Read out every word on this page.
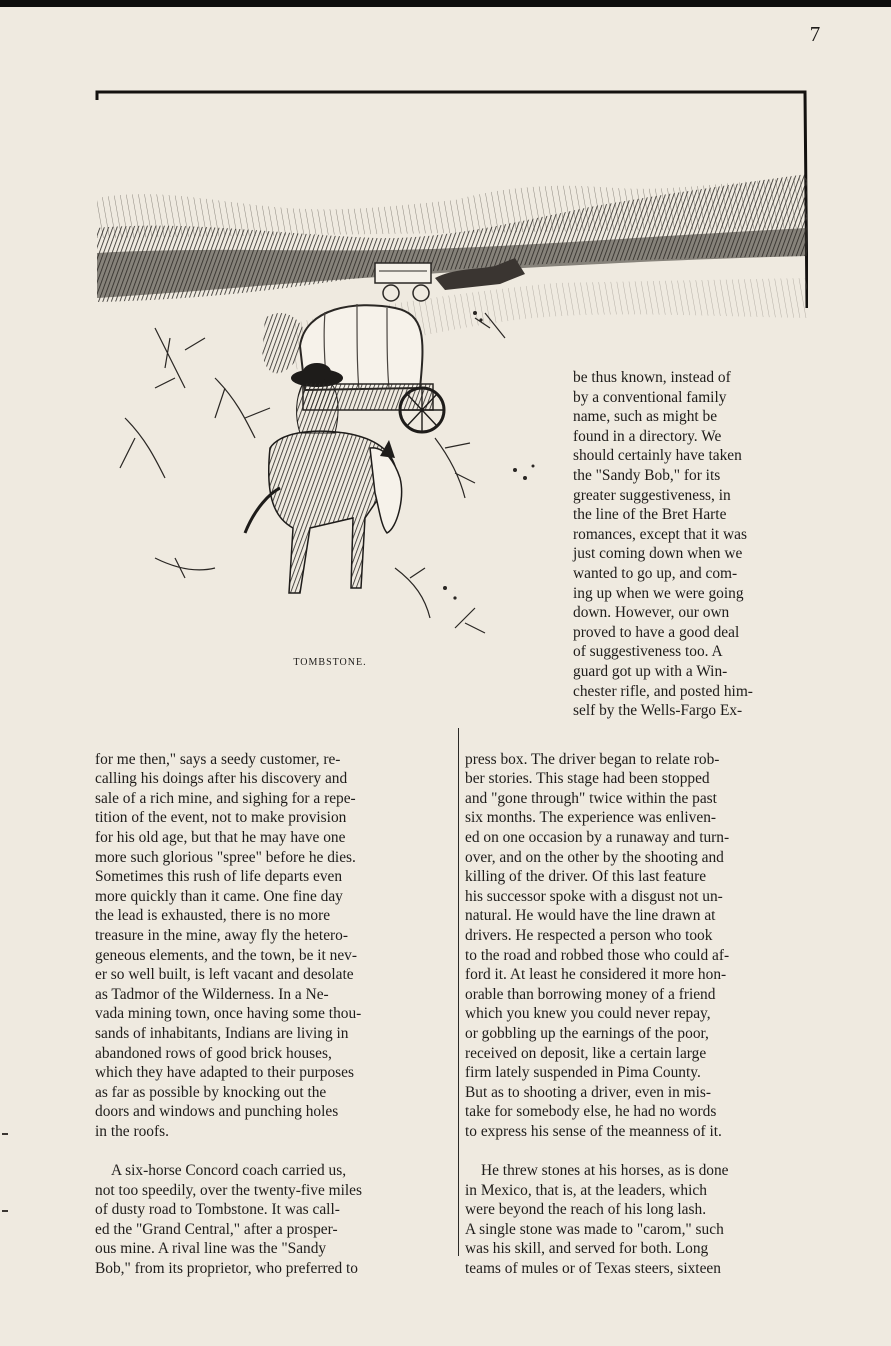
7
TOMBSTONE.
be thus known, instead of
by a conventional family
name, such as might be
found in a directory. We
should certainly have taken
the "Sandy Bob," for its
greater suggestiveness, in
the line of the Bret Harte
romances, except that it was
just coming down when we
wanted to go up, and com-
ing up when we were going
down. However, our own
proved to have a good deal
of suggestiveness too. A
guard got up with a Win-
chester rifle, and posted him-
self by the Wells-Fargo Ex-

for me then," says a seedy customer, re-
calling his doings after his discovery and
sale of a rich mine, and sighing for a repe-
tition of the event, not to make provision
for his old age, but that he may have one
more such glorious "spree" before he dies.
Sometimes this rush of life departs even
more quickly than it came. One fine day
the lead is exhausted, there is no more
treasure in the mine, away fly the hetero-
geneous elements, and the town, be it nev-
er so well built, is left vacant and desolate
as Tadmor of the Wilderness. In a Ne-
vada mining town, once having some thou-
sands of inhabitants, Indians are living in
abandoned rows of good brick houses,
which they have adapted to their purposes
as far as possible by knocking out the
doors and windows and punching holes
in the roofs.

A six-horse Concord coach carried us,
not too speedily, over the twenty-five miles
of dusty road to Tombstone. It was call-
ed the "Grand Central," after a prosper-
ous mine. A rival line was the "Sandy
Bob," from its proprietor, who preferred to

press box. The driver began to relate rob-
ber stories. This stage had been stopped
and "gone through" twice within the past
six months. The experience was enliven-
ed on one occasion by a runaway and turn-
over, and on the other by the shooting and
killing of the driver. Of this last feature
his successor spoke with a disgust not un-
natural. He would have the line drawn at
drivers. He respected a person who took
to the road and robbed those who could af-
ford it. At least he considered it more hon-
orable than borrowing money of a friend
which you knew you could never repay,
or gobbling up the earnings of the poor,
received on deposit, like a certain large
firm lately suspended in Pima County.
But as to shooting a driver, even in mis-
take for somebody else, he had no words
to express his sense of the meanness of it.

He threw stones at his horses, as is done
in Mexico, that is, at the leaders, which
were beyond the reach of his long lash.
A single stone was made to "carom," such
was his skill, and served for both. Long
teams of mules or of Texas steers, sixteen
